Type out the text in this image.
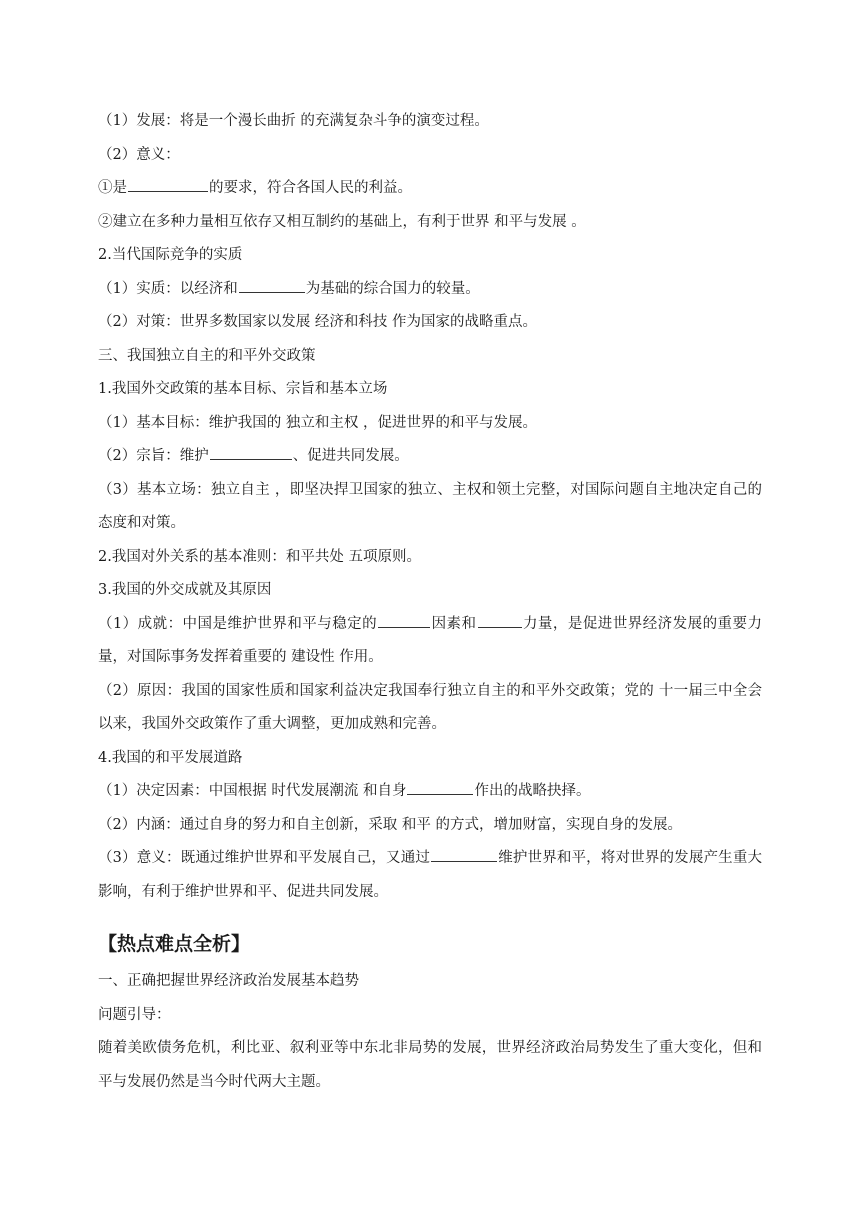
（1）发展：将是一个漫长曲折 的充满复杂斗争的演变过程。
（2）意义：
①是	的要求，符合各国人民的利益。
②建立在多种力量相互依存又相互制约的基础上，有利于世界 和平与发展 。
2.当代国际竞争的实质
（1）实质：以经济和	为基础的综合国力的较量。
（2）对策：世界多数国家以发展 经济和科技 作为国家的战略重点。
三、我国独立自主的和平外交政策
1.我国外交政策的基本目标、宗旨和基本立场
（1）基本目标：维护我国的 独立和主权 ，促进世界的和平与发展。
（2）宗旨：维护	、促进共同发展。
（3）基本立场：独立自主 ，即坚决捍卫国家的独立、主权和领土完整，对国际问题自主地决定自己的态度和对策。
2.我国对外关系的基本准则：和平共处 五项原则。
3.我国的外交成就及其原因
（1）成就：中国是维护世界和平与稳定的	因素和	力量，是促进世界经济发展的重要力量，对国际事务发挥着重要的 建设性 作用。
（2）原因：我国的国家性质和国家利益决定我国奉行独立自主的和平外交政策；党的 十一届三中全会 以来，我国外交政策作了重大调整，更加成熟和完善。
4.我国的和平发展道路
（1）决定因素：中国根据 时代发展潮流 和自身	作出的战略抉择。
（2）内涵：通过自身的努力和自主创新，采取 和平 的方式，增加财富，实现自身的发展。
（3）意义：既通过维护世界和平发展自己，又通过	维护世界和平，将对世界的发展产生重大影响，有利于维护世界和平、促进共同发展。
【热点难点全析】
一、正确把握世界经济政治发展基本趋势
问题引导：
随着美欧债务危机，利比亚、叙利亚等中东北非局势的发展，世界经济政治局势发生了重大变化，但和平与发展仍然是当今时代两大主题。
